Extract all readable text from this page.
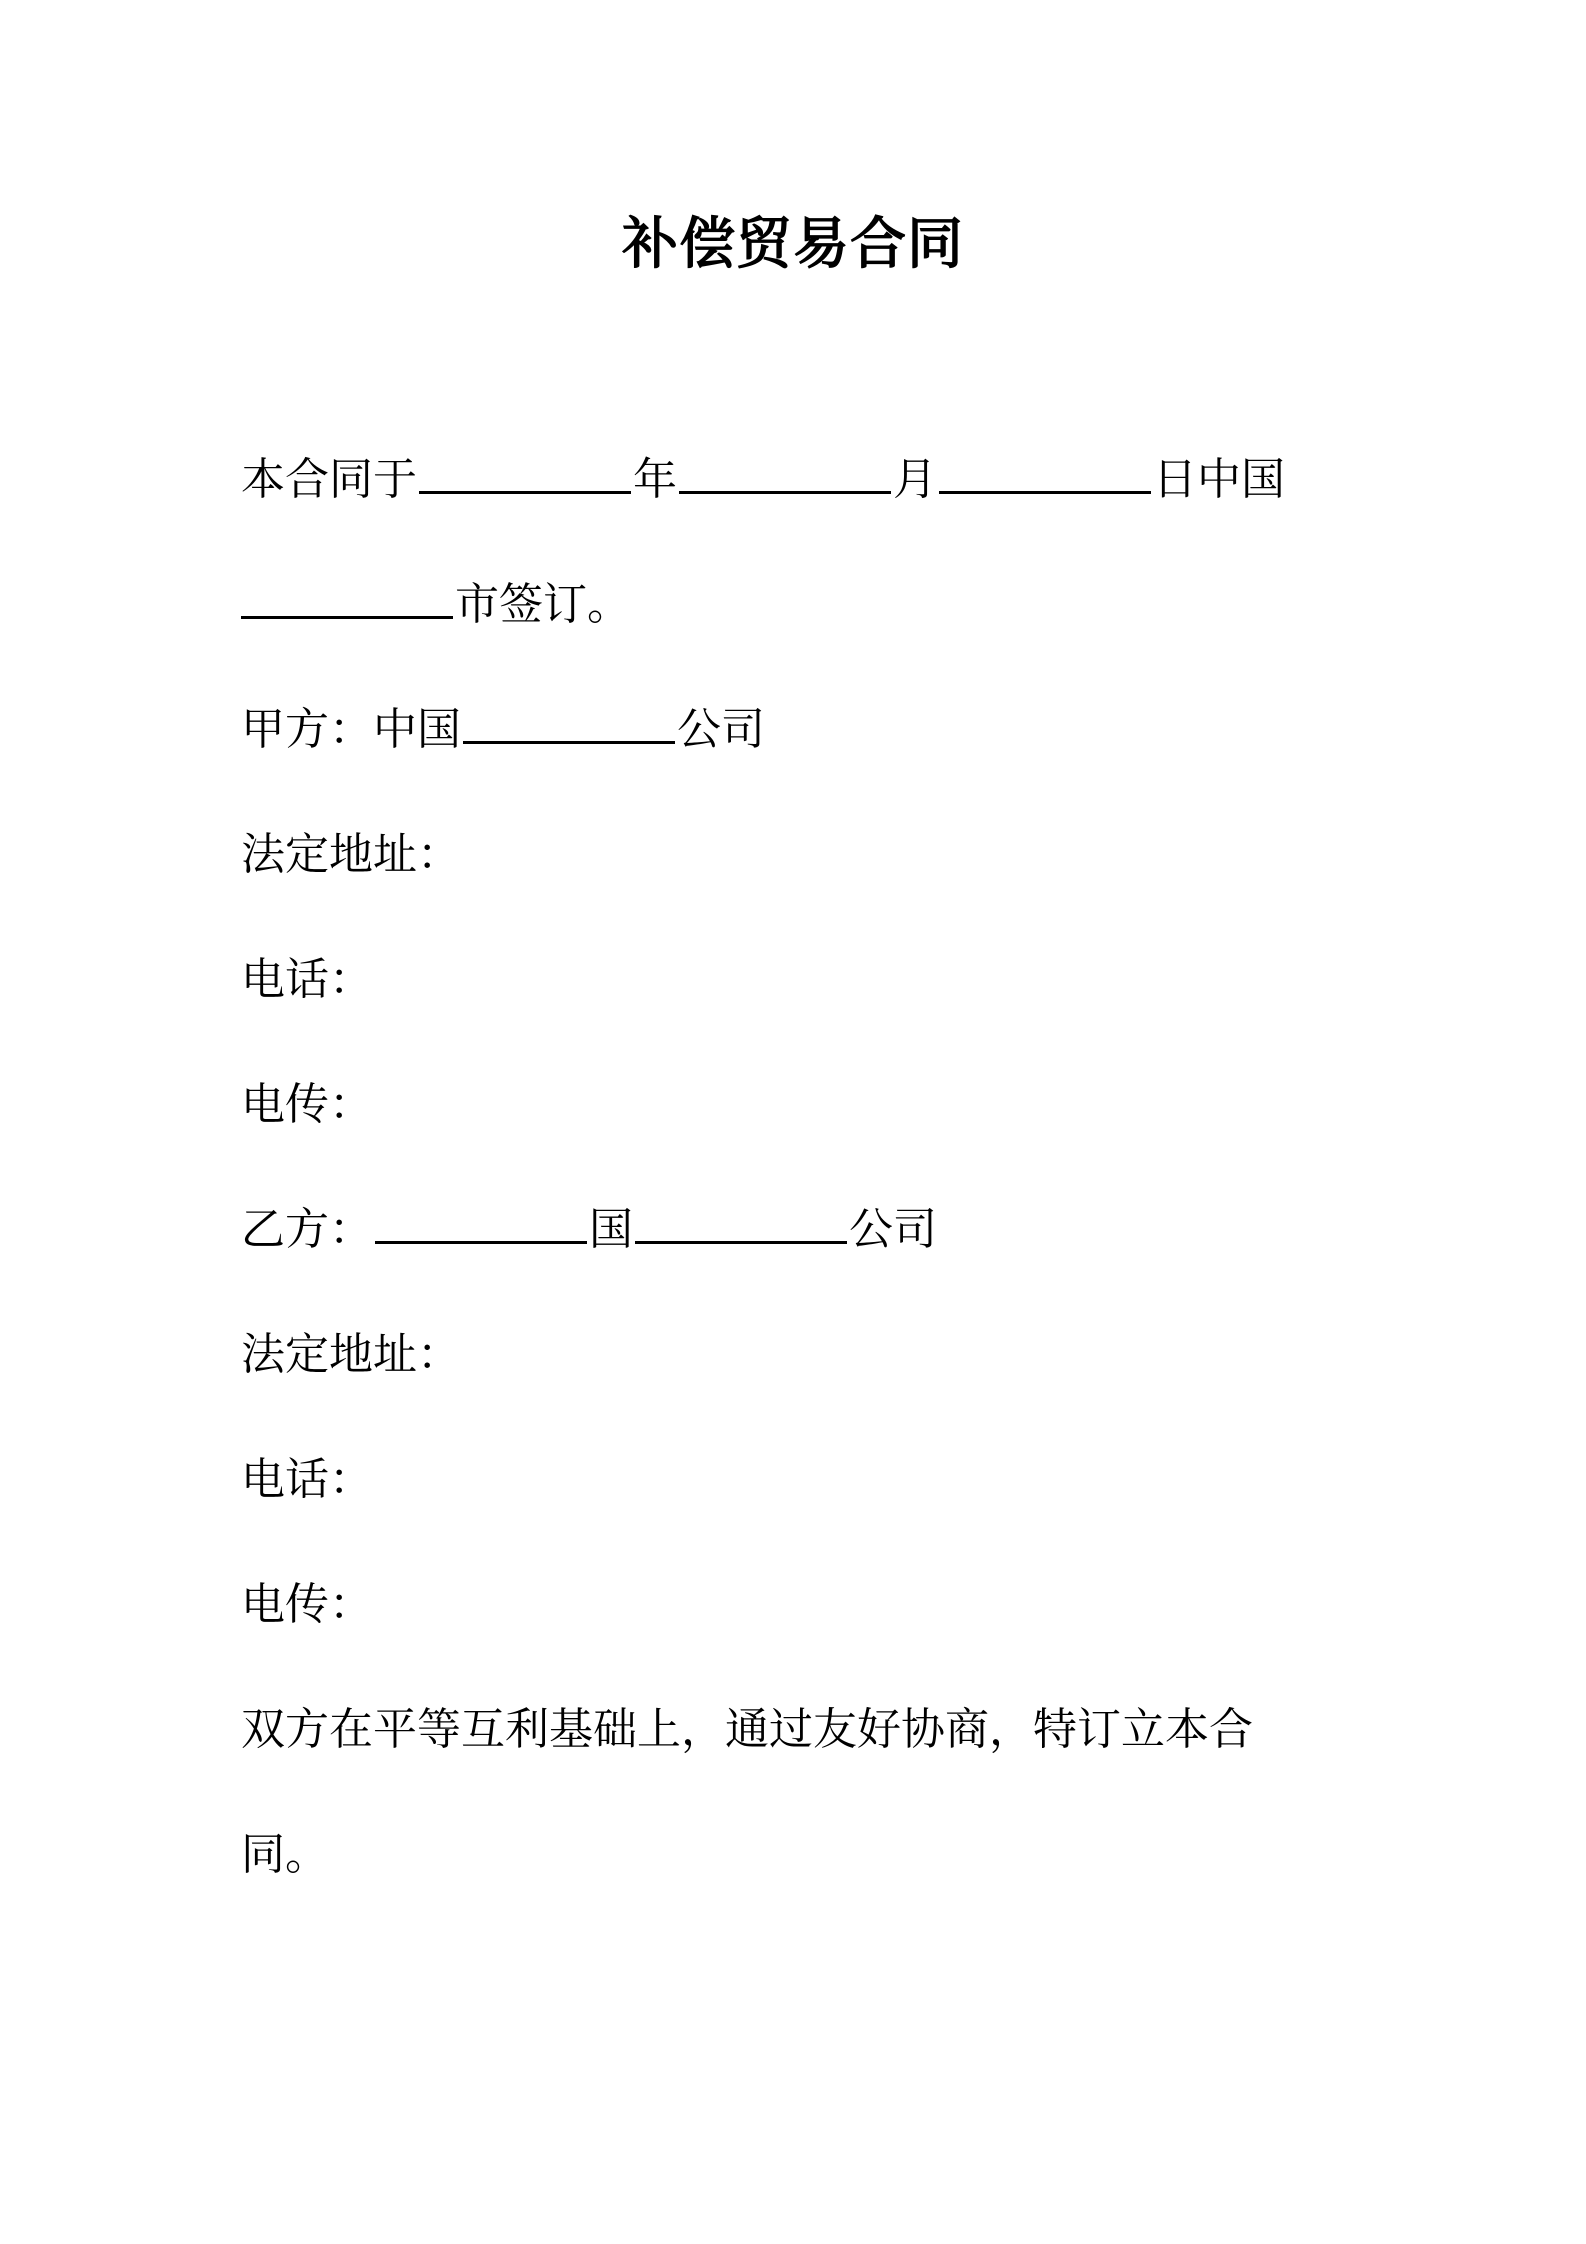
补偿贸易合同
本合同于	年	月	日中国
市签订。
甲方：中国	公司
法定地址：
电话：
电传：
乙方：	国	公司
法定地址：
电话：
电传：
双方在平等互利基础上，通过友好协商，特订立本合
同。
